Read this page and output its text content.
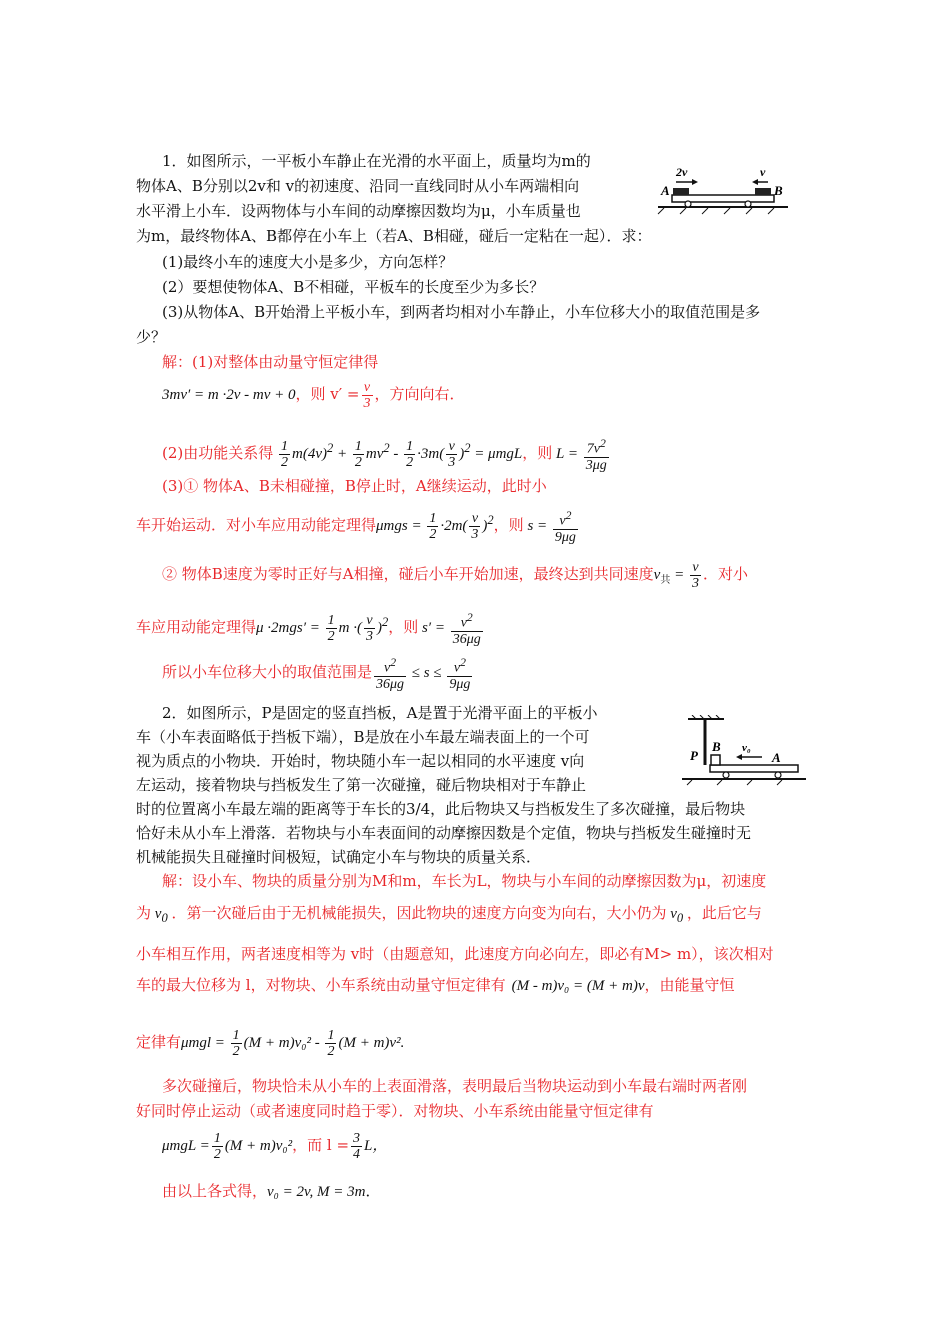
1．如图所示，一平板小车静止在光滑的水平面上，质量均为m的
物体A、B分别以2v和 v的初速度、沿同一直线同时从小车两端相向
水平滑上小车．设两物体与小车间的动摩擦因数均为μ，小车质量也
为m，最终物体A、B都停在小车上（若A、B相碰，碰后一定粘在一起）．求：
(1)最终小车的速度大小是多少，方向怎样？
(2）要想使物体A、B不相碰，平板车的长度至少为多长？
(3)从物体A、B开始滑上平板小车，到两者均相对小车静止，小车位移大小的取值范围是多
少？
2v	v
A	B
解：(1)对整体由动量守恒定律得
3mv′ = m ·2v - mv + 0，则 $v' = \frac{v}{3}$ ，方向向右．
(2)由功能关系得 $\frac{1}{2} m(4v)^2 + \frac{1}{2} mv^2 - \frac{1}{2} \cdot 3m( \frac{v}{3} )^2 = \mu mgL$，则 $L = \frac{7v^2}{3\mu g}$
(3)① 物体A、B未相碰撞，B停止时，A继续运动，此时小
车开始运动．对小车应用动能定理得$\mu mgs = \frac{1}{2} \cdot 2m( \frac{v}{3} )^2$，则 $s = \frac{v^2}{9\mu g}$
② 物体B速度为零时正好与A相撞，碰后小车开始加速，最终达到共同速度$v_共 = \frac{v}{3}$ ．对小
车应用动能定理得$\mu \cdot 2mgs' = \frac{1}{2}$ m ·( $\frac{v}{3} )^2$，则 $s' = \frac{v^2}{36\mu g}$
所以小车位移大小的取值范围是 $\frac{v^2}{36\mu g} \le s \le \frac{v^2}{9\mu g}$
2．如图所示，P是固定的竖直挡板，A是置于光滑平面上的平板小
车（小车表面略低于挡板下端），B是放在小车最左端表面上的一个可
视为质点的小物块．开始时，物块随小车一起以相同的水平速度 v向
左运动，接着物块与挡板发生了第一次碰撞，碰后物块相对于车静止
时的位置离小车最左端的距离等于车长的3/4，此后物块又与挡板发生了多次碰撞，最后物块
恰好未从小车上滑落．若物块与小车表面间的动摩擦因数是个定值，物块与挡板发生碰撞时无
机械能损失且碰撞时间极短，试确定小车与物块的质量关系．
P
B v₀
A
解：设小车、物块的质量分别为M和m，车长为L，物块与小车间的动摩擦因数为μ，初速度
为 $v_0$ ．第一次碰后由于无机械能损失，因此物块的速度方向变为向右，大小仍为 $v_0$ ，此后它与
小车相互作用，两者速度相等为 v时（由题意知，此速度方向必向左，即必有M> m），该次相对
车的最大位移为 l，对物块、小车系统由动量守恒定律有 (M - m)v₀ = (M + m)v，由能量守恒
定律有$\mu mgl = \frac{1}{2} (M + m)v_0^2 - \frac{1}{2} (M + m)v^2$.
多次碰撞后，物块恰未从小车的上表面滑落，表明最后当物块运动到小车最右端时两者刚
好同时停止运动（或者速度同时趋于零）．对物块、小车系统由能量守恒定律有
$\mu mgL = \frac{1}{2} (M + m)v_0^2$，而 $l = \frac{3}{4}$ L，
由以上各式得，v₀ = 2v, M = 3m．
